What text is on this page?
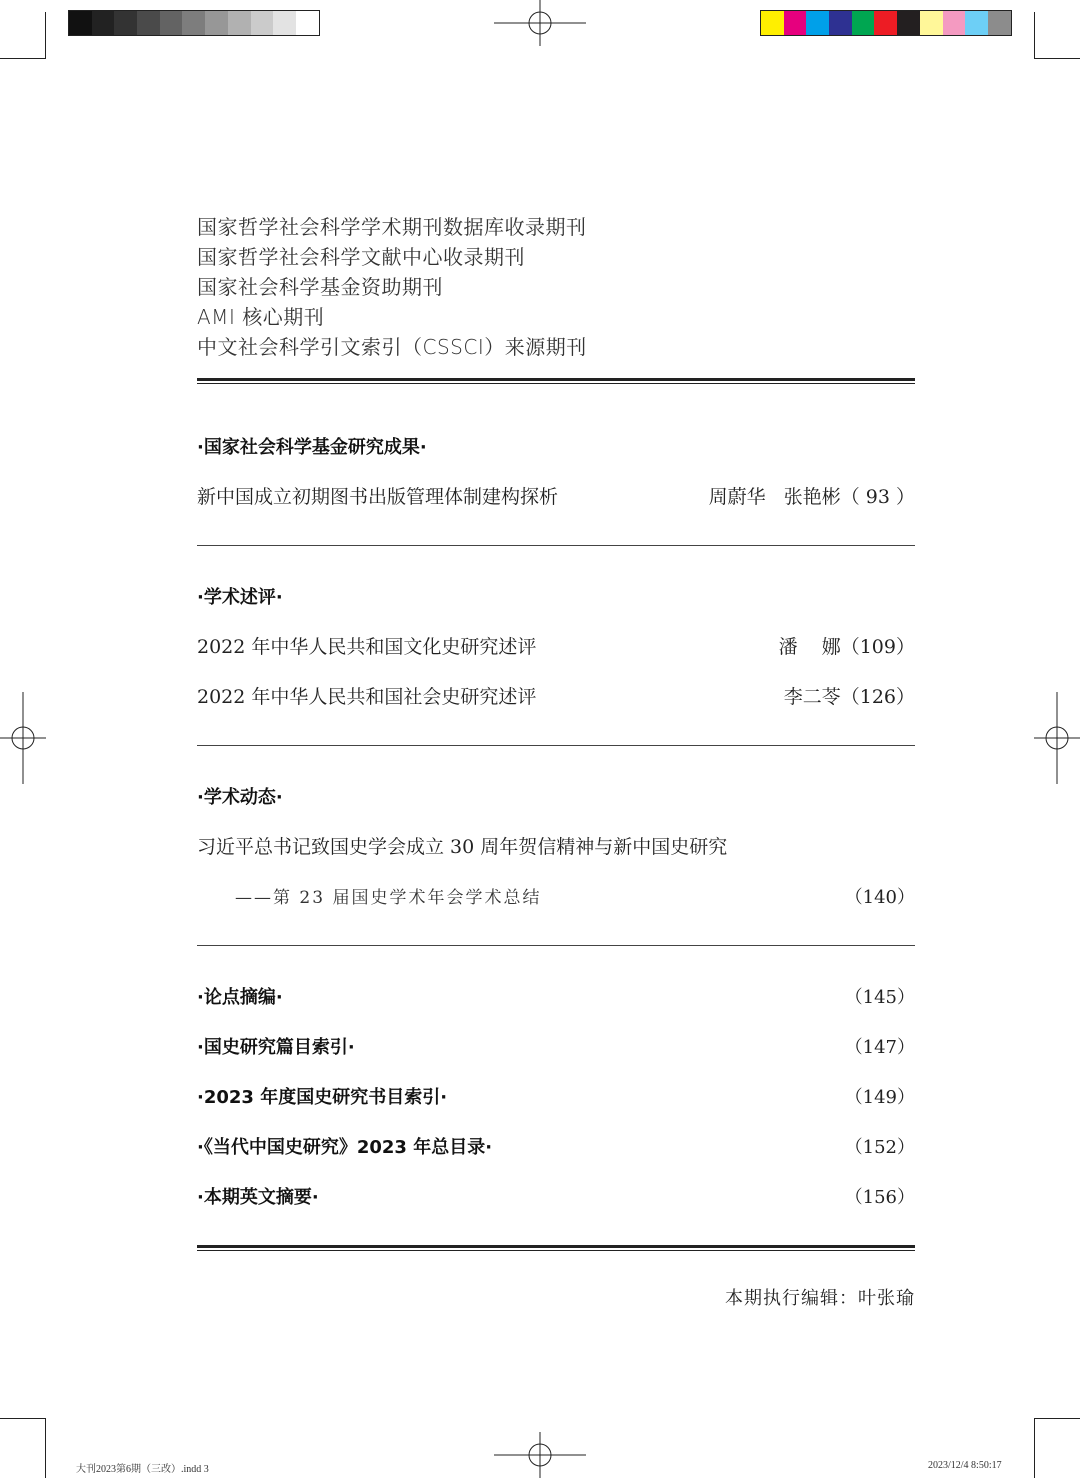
国家哲学社会科学学术期刊数据库收录期刊
国家哲学社会科学文献中心收录期刊
国家社会科学基金资助期刊
AMI 核心期刊
中文社会科学引文索引（CSSCI）来源期刊
·国家社会科学基金研究成果·
新中国成立初期图书出版管理体制建构探析	周蔚华   张艳彬（ 93 ）
·学术述评·
2022 年中华人民共和国文化史研究述评	潘    娜（109）
2022 年中华人民共和国社会史研究述评	李二苓（126）
·学术动态·
习近平总书记致国史学会成立 30 周年贺信精神与新中国史研究
——第 23 届国史学术年会学术总结	（140）
·论点摘编·	（145）
·国史研究篇目索引·	（147）
·2023 年度国史研究书目索引·	（149）
·《当代中国史研究》2023 年总目录·	（152）
·本期英文摘要·	（156）
本期执行编辑：叶张瑜
大刊2023第6期（三改）.indd 3	2023/12/4 8:50:17
